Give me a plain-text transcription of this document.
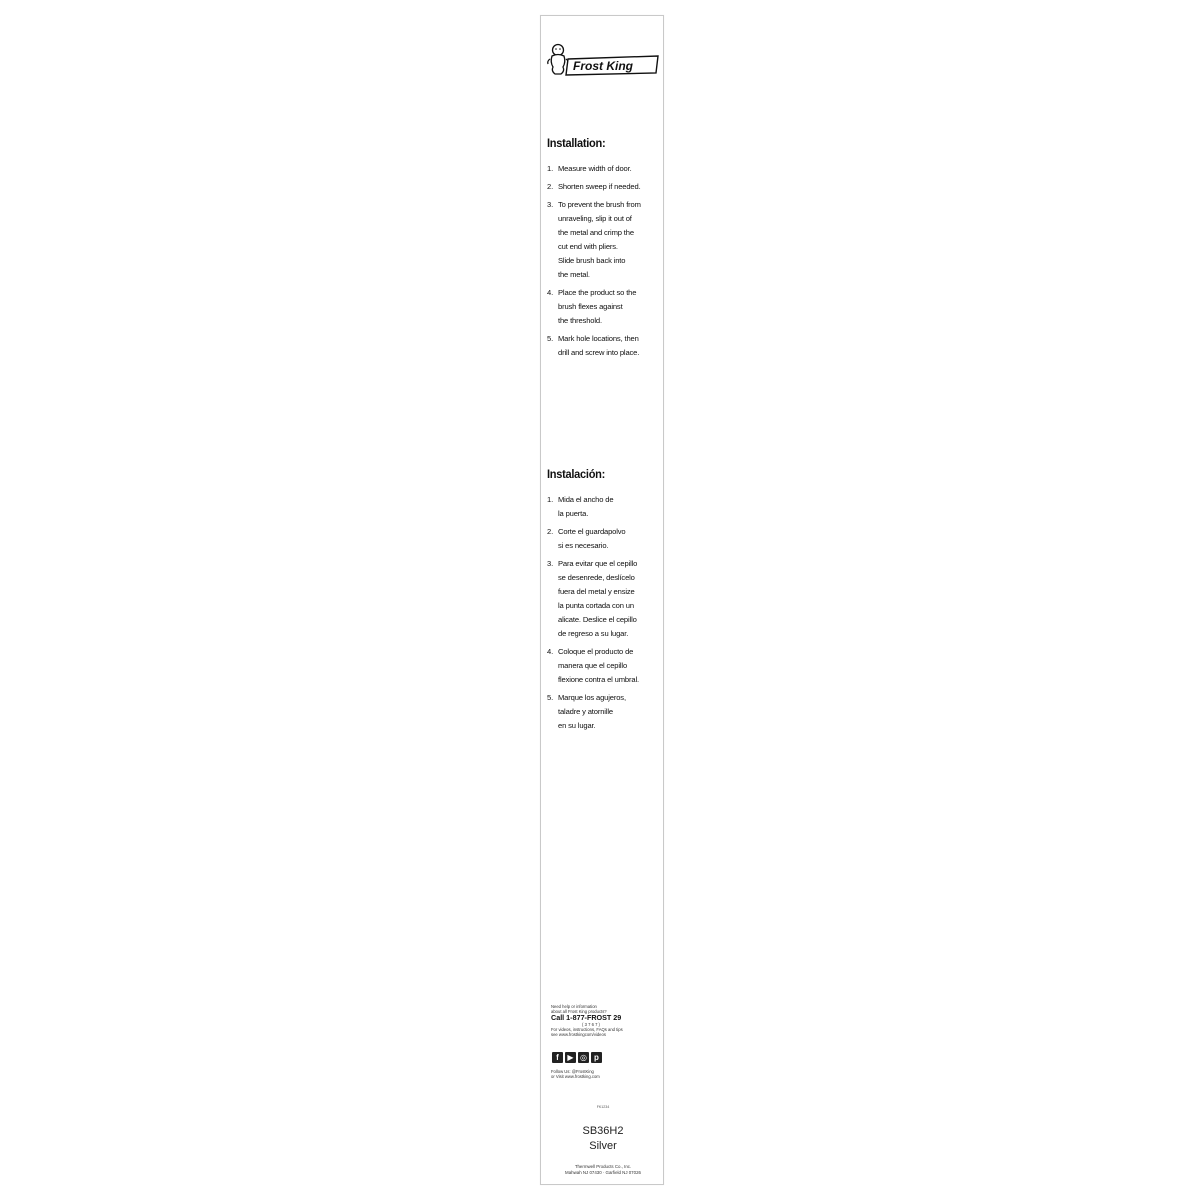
Frost King
Installation:
1. Measure width of door.
2. Shorten sweep if needed.
3. To prevent the brush from
unraveling, slip it out of
the metal and crimp the
cut end with pliers.
Slide brush back into
the metal.
4. Place the product so the
brush flexes against
the threshold.
5. Mark hole locations, then
drill and screw into place.
Instalación:
1. Mida el ancho de
la puerta.
2. Corte el guardapolvo
si es necesario.
3. Para evitar que el cepillo
se desenrede, deslícelo
fuera del metal y ensize
la punta cortada con un
alicate. Deslice el cepillo
de regreso a su lugar.
4. Coloque el producto de
manera que el cepillo
flexione contra el umbral.
5. Marque los agujeros,
taladre y atornille
en su lugar.
Need help or information
about all Frost King products?
Call 1-877-FROST 29
( 3 7 6 7 )
For videos, instructions, FAQs and tips
see www.frostkingcom/videos
f	▶ ◎ p
Follow Us: @FrostKing
or Visit www.frostking.com
FK1234
SB36H2
Silver
Thermwell Products Co., Inc.
Mahwah NJ 07430 · Garfield NJ 07026
